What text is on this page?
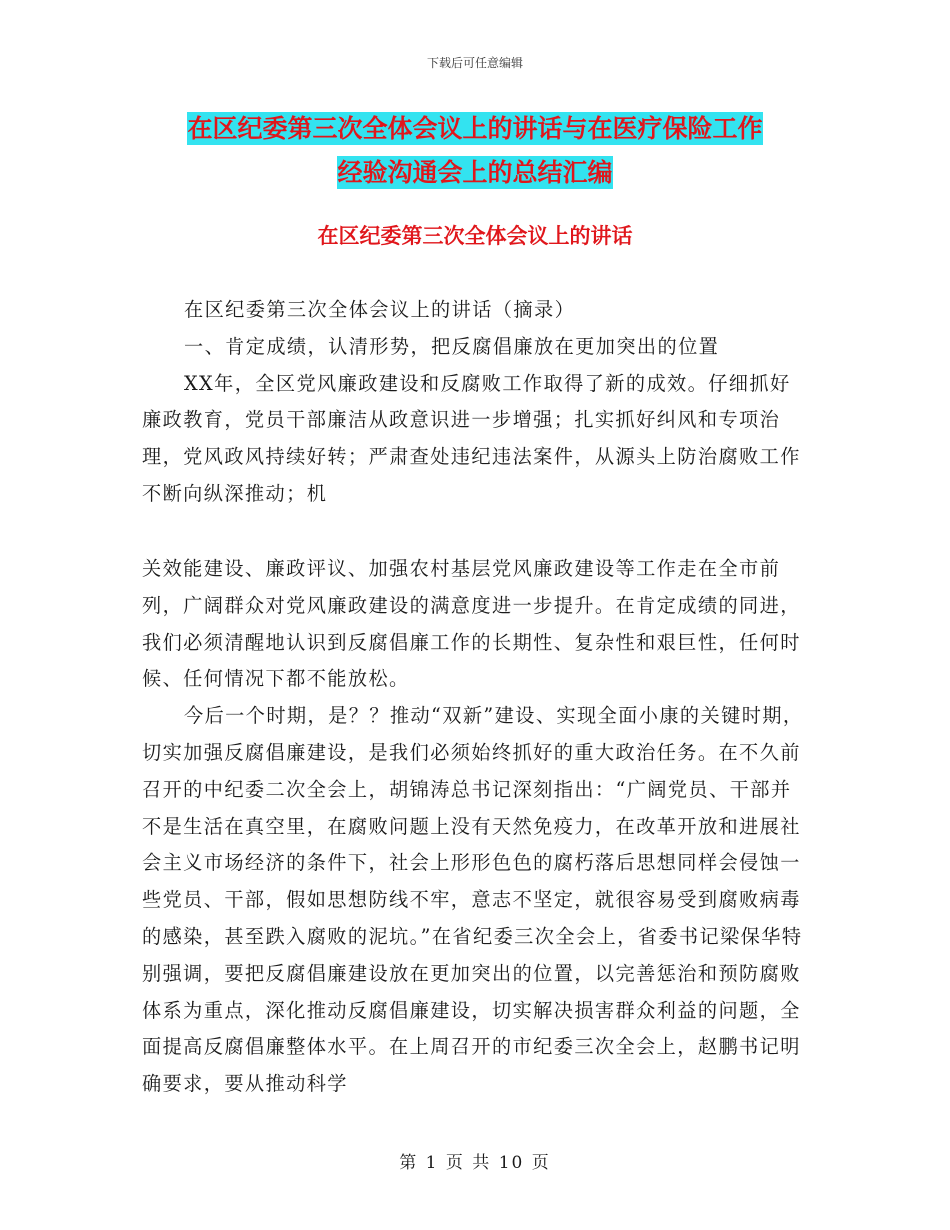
下载后可任意编辑
在区纪委第三次全体会议上的讲话与在医疗保险工作
经验沟通会上的总结汇编
在区纪委第三次全体会议上的讲话

在区纪委第三次全体会议上的讲话（摘录）

一、肯定成绩，认清形势，把反腐倡廉放在更加突出的位置

XX年，全区党风廉政建设和反腐败工作取得了新的成效。仔细抓好廉政教育，党员干部廉洁从政意识进一步增强；扎实抓好纠风和专项治理，党风政风持续好转；严肃查处违纪违法案件，从源头上防治腐败工作不断向纵深推动；机

关效能建设、廉政评议、加强农村基层党风廉政建设等工作走在全市前列，广阔群众对党风廉政建设的满意度进一步提升。在肯定成绩的同进，我们必须清醒地认识到反腐倡廉工作的长期性、复杂性和艰巨性，任何时候、任何情况下都不能放松。

今后一个时期，是？？推动“双新”建设、实现全面小康的关键时期，切实加强反腐倡廉建设，是我们必须始终抓好的重大政治任务。在不久前召开的中纪委二次全会上，胡锦涛总书记深刻指出：“广阔党员、干部并不是生活在真空里，在腐败问题上没有天然免疫力，在改革开放和进展社会主义市场经济的条件下，社会上形形色色的腐朽落后思想同样会侵蚀一些党员、干部，假如思想防线不牢，意志不坚定，就很容易受到腐败病毒的感染，甚至跌入腐败的泥坑。”在省纪委三次全会上，省委书记梁保华特别强调，要把反腐倡廉建设放在更加突出的位置，以完善惩治和预防腐败体系为重点，深化推动反腐倡廉建设，切实解决损害群众利益的问题，全面提高反腐倡廉整体水平。在上周召开的市纪委三次全会上，赵鹏书记明确要求，要从推动科学

第 1 页 共 10 页
